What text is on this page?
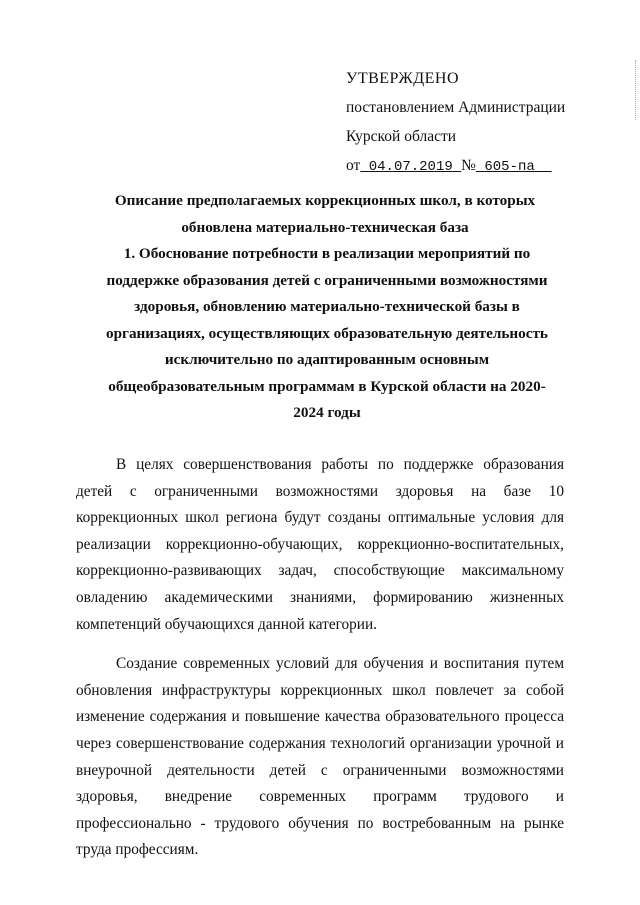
УТВЕРЖДЕНО
постановлением Администрации
Курской области
от 04.07.2019 № 605-па
Описание предполагаемых коррекционных школ, в которых
обновлена материально-техническая база
1. Обоснование потребности в реализации мероприятий по
поддержке образования детей с ограниченными возможностями
здоровья, обновлению материально-технической базы в
организациях, осуществляющих образовательную деятельность
исключительно по адаптированным основным
общеобразовательным программам в Курской области на 2020-
2024 годы

В целях совершенствования работы по поддержке образования детей с ограниченными возможностями здоровья на базе 10 коррекционных школ региона будут созданы оптимальные условия для реализации коррекционно-обучающих, коррекционно-воспитательных, коррекционно-развивающих задач, способствующие максимальному овладению академическими знаниями, формированию жизненных компетенций обучающихся данной категории.

Создание современных условий для обучения и воспитания путем обновления инфраструктуры коррекционных школ повлечет за собой изменение содержания и повышение качества образовательного процесса через совершенствование содержания технологий организации урочной и внеурочной деятельности детей с ограниченными возможностями здоровья, внедрение современных программ трудового и профессионально - трудового обучения по востребованным на рынке труда профессиям.
